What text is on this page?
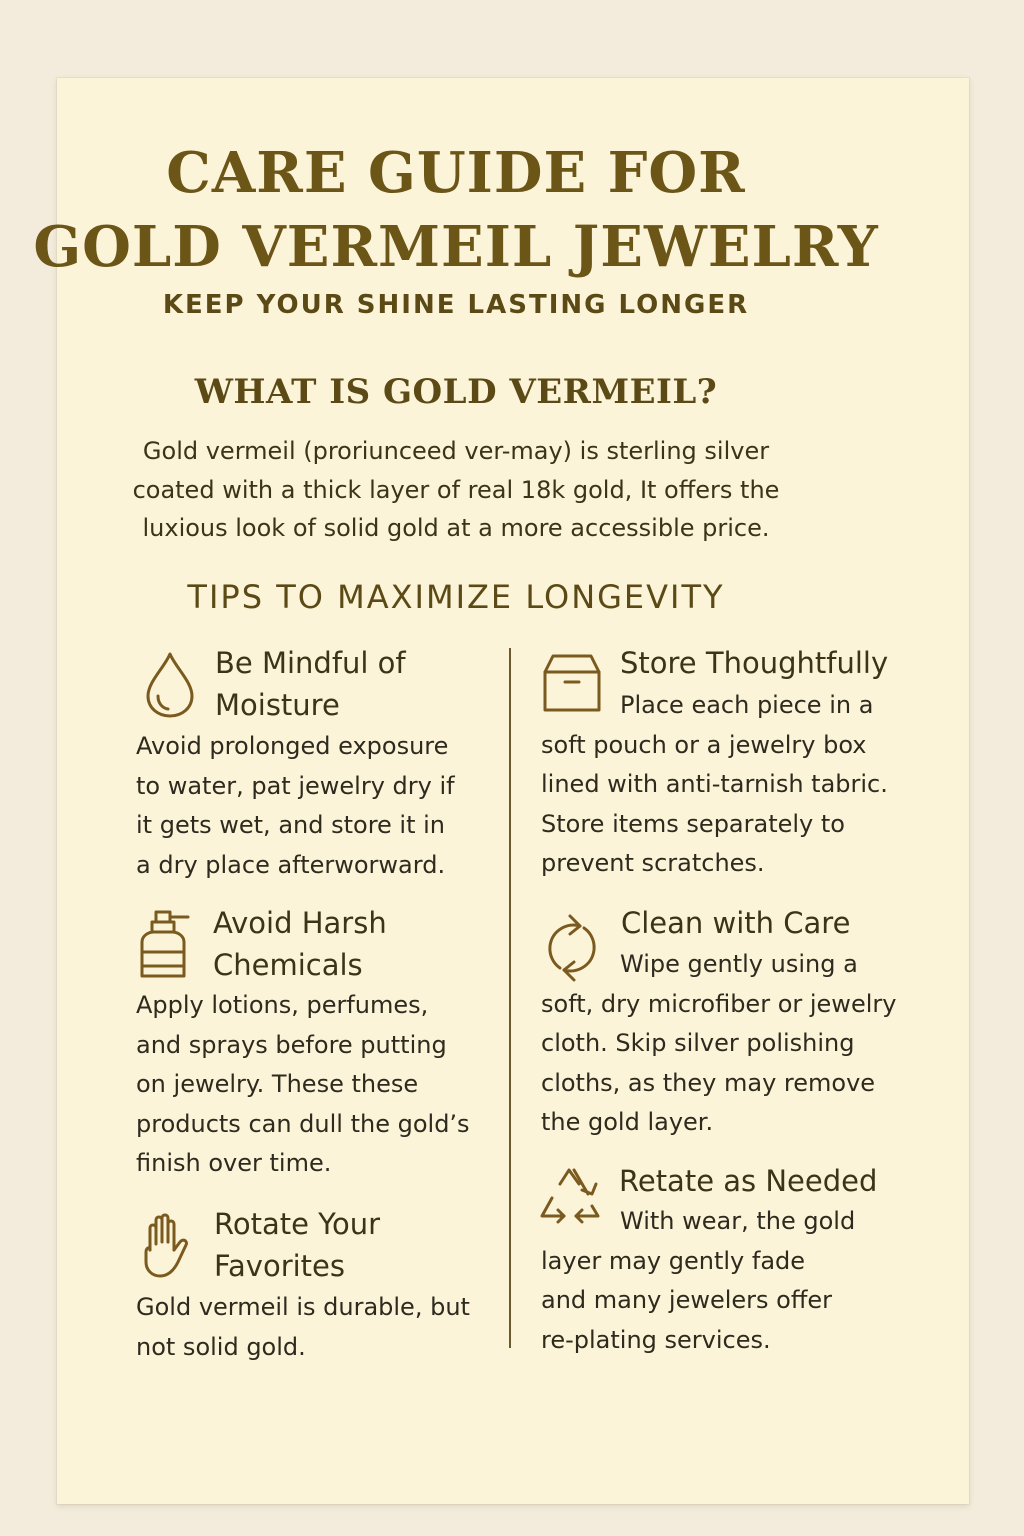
CARE GUIDE FOR
GOLD VERMEIL JEWELRY
KEEP YOUR SHINE LASTING LONGER
WHAT IS GOLD VERMEIL?
Gold vermeil (proriunceed ver-may) is sterling silver
coated with a thick layer of real 18k gold, It offers the
luxious look of solid gold at a more accessible price.
TIPS TO MAXIMIZE LONGEVITY
Be Mindful of
Moisture
Avoid prolonged exposure
to water, pat jewelry dry if
it gets wet, and store it in
a dry place afterworward.
Avoid Harsh
Chemicals
Apply lotions, perfumes,
and sprays before putting
on jewelry. These these
products can dull the gold’s
finish over time.
Rotate Your
Favorites
Gold vermeil is durable, but
not solid gold.
Store Thoughtfully
Place each piece in a
soft pouch or a jewelry box
lined with anti-tarnish tabric.
Store items separately to
prevent scratches.
Clean with Care
Wipe gently using a
soft, dry microfiber or jewelry
cloth. Skip silver polishing
cloths, as they may remove
the gold layer.
Retate as Needed
With wear, the gold
layer may gently fade
and many jewelers offer
re-plating services.
